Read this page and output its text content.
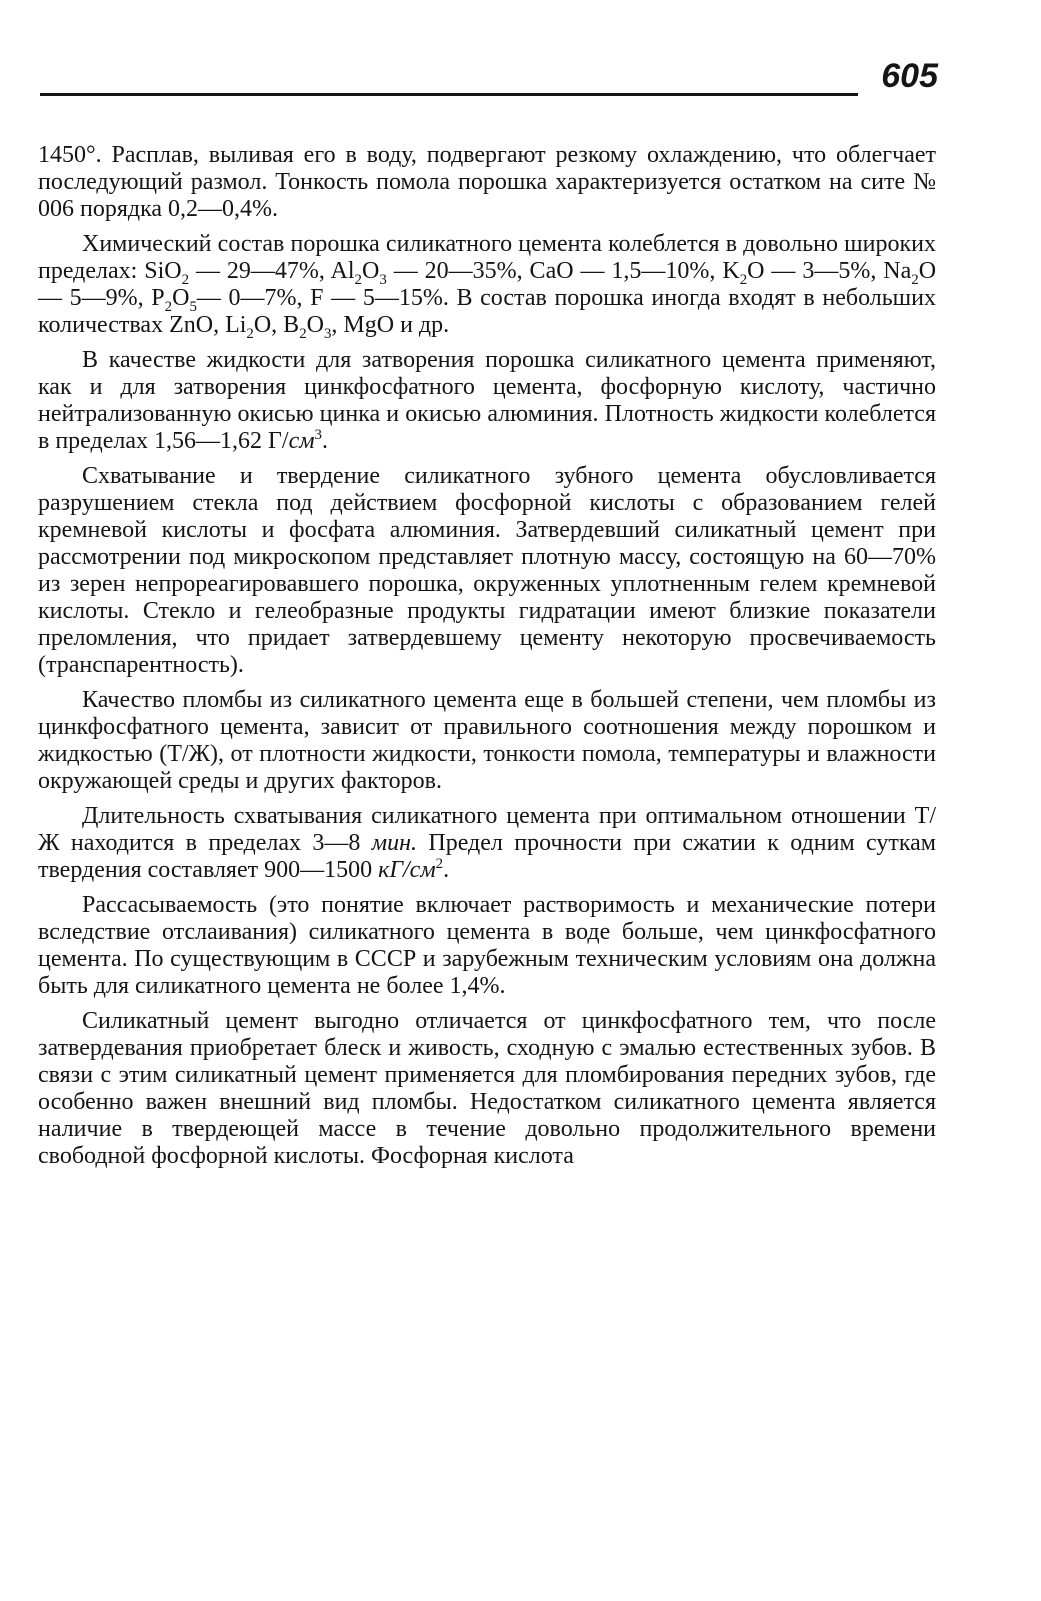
605

1450°. Расплав, выливая его в воду, подвергают резкому охлаждению, что облегчает последующий размол. Тонкость помола порошка характеризуется остатком на сите № 006 порядка 0,2—0,4%.

Химический состав порошка силикатного цемента колеблется в довольно широких пределах: SiO$_2$ — 29—47%, $Al_2O_3$ — 20—35%, CaO — 1,5—10%, $K_2O$ — 3—5%, $Na_2O$ — 5—9%, $P_2O_5—$ 0—7%, F — 5—15%. В состав порошка иногда входят в небольших количествах ZnO, $Li_2O$, $B_2O_3$, MgO и др.

В качестве жидкости для затворения порошка силикатного цемента применяют, как и для затворения цинкфосфатного цемента, фосфорную кислоту, частично нейтрализованную окисью цинка и окисью алюминия. Плотность жидкости колеблется в пределах 1,56—1,62 $Г/см^3$.

Схватывание и твердение силикатного зубного цемента обусловливается разрушением стекла под действием фосфорной кислоты с образованием гелей кремневой кислоты и фосфата алюминия. Затвердевший силикатный цемент при рассмотрении под микроскопом представляет плотную массу, состоящую на 60—70% из зерен непрореагировавшего порошка, окруженных уплотненным гелем кремневой кислоты. Стекло и гелеобразные продукты гидратации имеют близкие показатели преломления, что придает затвердевшему цементу некоторую просвечиваемость (транспарентность).

Качество пломбы из силикатного цемента еще в большей степени, чем пломбы из цинкфосфатного цемента, зависит от правильного соотношения между порошком и жидкостью (Т/Ж), от плотности жидкости, тонкости помола, температуры и влажности окружающей среды и других факторов.

Длительность схватывания силикатного цемента при оптимальном отношении Т/Ж находится в пределах 3—8 мин. Предел прочности при сжатии к одним суткам твердения составляет 900—1500 $кГ/см^2$.

Рассасываемость (это понятие включает растворимость и механические потери вследствие отслаивания) силикатного цемента в воде больше, чем цинкфосфатного цемента. По существующим в СССР и зарубежным техническим условиям она должна быть для силикатного цемента не более 1,4%.

Силикатный цемент выгодно отличается от цинкфосфатного тем, что после затвердевания приобретает блеск и живость, сходную с эмалью естественных зубов. В связи с этим силикатный цемент применяется для пломбирования передних зубов, где особенно важен внешний вид пломбы. Недостатком силикатного цемента является наличие в твердеющей массе в течение довольно продолжительного времени свободной фосфорной кислоты. Фосфорная кислота
